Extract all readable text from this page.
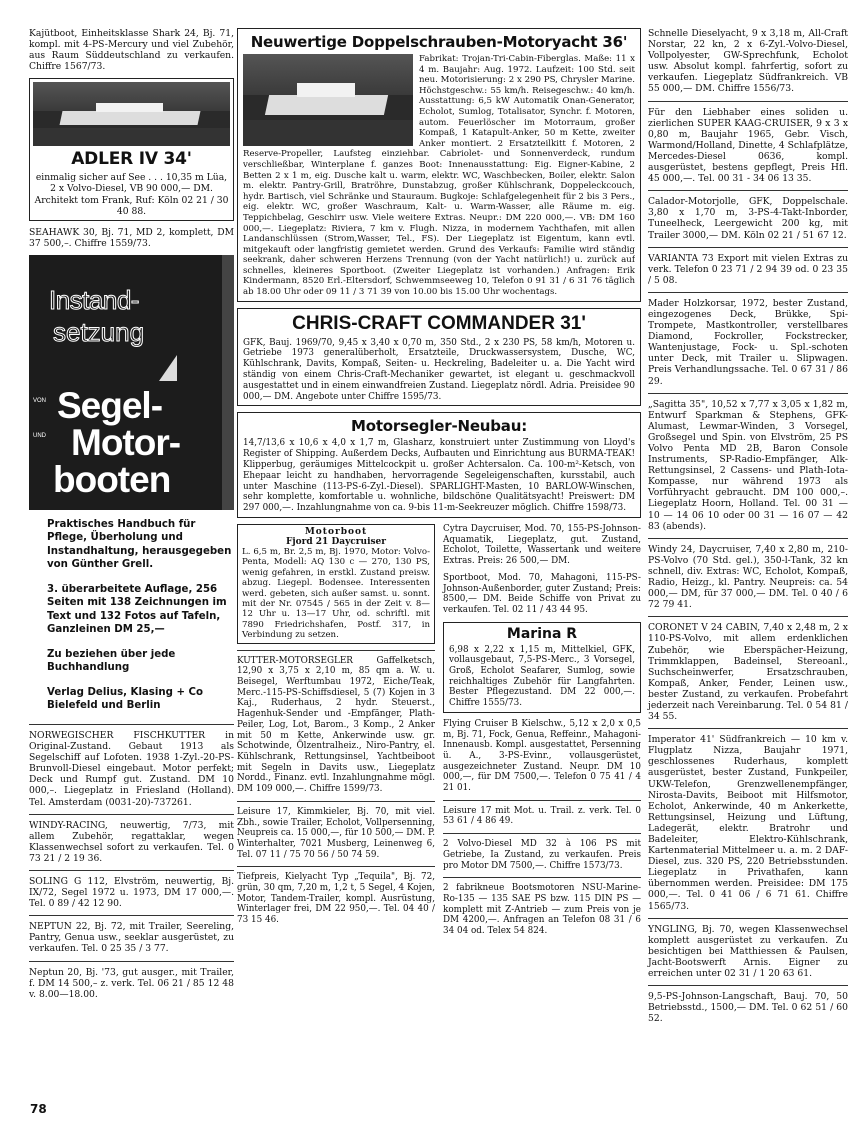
78
Kajütboot, Einheitsklasse Shark 24, Bj. 71, kompl. mit 4-PS-Mercury und viel Zubehör, aus Raum Süddeutschland zu verkaufen. Chiffre 1567/73.
ADLER IV 34'
einmalig sicher auf See . . . 10,35 m Lüa, 2 x Volvo-Diesel, VB 90 000,— DM. Architekt tom Frank, Ruf: Köln 02 21 / 30 40 88.
SEAHAWK 30, Bj. 71, MD 2, komplett, DM 37 500,–. Chiffre 1559/73.
Instand-
setzung
VON
UND
Segel-
Motor-
booten

Praktisches Handbuch für Pflege, Überholung und Instandhaltung, herausgegeben von Günther Grell.

3. überarbeitete Auflage, 256 Seiten mit 138 Zeichnungen im Text und 132 Fotos auf Tafeln, Ganzleinen DM 25,—

Zu beziehen über jede Buchhandlung

Verlag Delius, Klasing + Co Bielefeld und Berlin

NORWEGISCHER FISCHKUTTER in Original-Zustand. Gebaut 1913 als Segelschiff auf Lofoten. 1938 1-Zyl.-20-PS-Brunvoll-Diesel eingebaut. Motor perfekt; Deck und Rumpf gut. Zustand. DM 10 000,–. Liegeplatz in Friesland (Holland). Tel. Amsterdam (0031-20)-737261.
WINDY-RACING, neuwertig, 7/73, mit allem Zubehör, regattaklar, wegen Klassenwechsel sofort zu verkaufen. Tel. 0 73 21 / 2 19 36.
SOLING G 112, Elvström, neuwertig, Bj. IX/72, Segel 1972 u. 1973, DM 17 000,—. Tel. 0 89 / 42 12 90.
NEPTUN 22, Bj. 72, mit Trailer, Seereling, Pantry, Genua usw., seeklar ausgerüstet, zu verkaufen. Tel. 0 25 35 / 3 77.
Neptun 20, Bj. '73, gut ausger., mit Trailer, f. DM 14 500,– z. verk. Tel. 06 21 / 85 12 48 v. 8.00—18.00.
Neuwertige Doppelschrauben-Motoryacht 36'
Fabrikat: Trojan-Tri-Cabin-Fiberglas. Maße: 11 x 4 m. Baujahr: Aug. 1972. Laufzeit: 100 Std. seit neu. Motorisierung: 2 x 290 PS, Chrysler Marine. Höchstgeschw.: 55 km/h. Reisegeschw.: 40 km/h. Ausstattung: 6,5 kW Automatik Onan-Generator, Echolot, Sumlog, Totalisator, Synchr. f. Motoren, autom. Feuerlöscher im Motorraum, großer Kompaß, 1 Katapult-Anker, 50 m Kette, zweiter Anker montiert. 2 Ersatzteilkitt f. Motoren, 2 Reserve-Propeller, Laufsteg einziehbar. Cabriolet- und Sonnenverdeck, rundum verschließbar, Winterplane f. ganzes Boot: Innenausstattung: Eig. Eigner-Kabine, 2 Betten 2 x 1 m, eig. Dusche kalt u. warm, elektr. WC, Waschbecken, Boiler, elektr. Salon m. elektr. Pantry-Grill, Bratröhre, Dunstabzug, großer Kühlschrank, Doppeleckcouch, hydr. Bartisch, viel Schränke und Stauraum. Bugkoje: Schlafgelegenheit für 2 bis 3 Pers., eig. elektr. WC, großer Waschraum, Kalt- u. Warm-Wasser, alle Räume m. eig. Teppichbelag, Geschirr usw. Viele weitere Extras. Neupr.: DM 220 000,—. VB: DM 160 000,—. Liegeplatz: Riviera, 7 km v. Flugh. Nizza, in modernem Yachthafen, mit allen Landanschlüssen (Strom,Wasser, Tel., FS). Der Liegeplatz ist Eigentum, kann evtl. mitgekauft oder langfristig gemietet werden. Grund des Verkaufs: Familie wird ständig seekrank, daher schweren Herzens Trennung (von der Yacht natürlich!) u. zurück auf schnelles, kleineres Sportboot. (Zweiter Liegeplatz ist vorhanden.) Anfragen: Erik Kindermann, 8520 Erl.-Eltersdorf, Schwemmseeweg 10, Telefon 0 91 31 / 6 31 76 täglich ab 18.00 Uhr oder 09 11 / 3 71 39 von 10.00 bis 15.00 Uhr wochentags.
CHRIS-CRAFT COMMANDER 31'
GFK, Bauj. 1969/70, 9,45 x 3,40 x 0,70 m, 350 Std., 2 x 230 PS, 58 km/h, Motoren u. Getriebe 1973 generalüberholt, Ersatzteile, Druckwassersystem, Dusche, WC, Kühlschrank, Davits, Kompaß, Seiten- u. Heckreling, Badeleiter u. a. Die Yacht wird ständig von einem Chris-Craft-Mechaniker gewartet, ist elegant u. geschmackvoll ausgestattet und in einem einwandfreien Zustand. Liegeplatz nördl. Adria. Preisidee 90 000,— DM. Angebote unter Chiffre 1595/73.
Motorsegler-Neubau:
14,7/13,6 x 10,6 x 4,0 x 1,7 m, Glasharz, konstruiert unter Zustimmung von Lloyd's Register of Shipping. Außerdem Decks, Aufbauten und Einrichtung aus BURMA-TEAK! Klipperbug, geräumiges Mittelcockpit u. großer Achtersalon. Ca. 100-m²-Ketsch, von Ehepaar leicht zu handhaben, hervorragende Segeleigenschaften, kursstabil, auch unter Maschine (113-PS-6-Zyl.-Diesel). SPARLIGHT-Masten, 10 BARLOW-Winschen, sehr komplette, komfortable u. wohnliche, bildschöne Qualitätsyacht! Preiswert: DM 297 000,—. Inzahlungnahme von ca. 9-bis 11-m-Seekreuzer möglich. Chiffre 1598/73.
Motorboot
Fjord 21 Daycruiser
L. 6,5 m, Br. 2,5 m, Bj. 1970, Motor: Volvo-Penta, Modell: AQ 130 c — 270, 130 PS, wenig gefahren, in erstkl. Zustand preisw. abzug. Liegepl. Bodensee. Interessenten werd. gebeten, sich außer samst. u. sonnt. mit der Nr. 07545 / 565 in der Zeit v. 8—12 Uhr u. 13—17 Uhr, od. schriftl. mit 7890 Friedrichshafen, Postf. 317, in Verbindung zu setzen.
KUTTER-MOTORSEGLER Gaffelketsch, 12,90 x 3,75 x 2,10 m, 85 qm a. W. u. Beisegel, Werftumbau 1972, Eiche/Teak, Merc.-115-PS-Schiffsdiesel, 5 (7) Kojen in 3 Kaj., Ruderhaus, 2 hydr. Steuerst., Hagenhuk-Sender und -Empfänger, Plath-Peiler, Log, Lot, Barom., 3 Komp., 2 Anker mit 50 m Kette, Ankerwinde usw. gr. Schotwinde, Ölzentralheiz., Niro-Pantry, el. Kühlschrank, Rettungsinsel, Yachtbeiboot mit Segeln in Davits usw., Liegeplatz Nordd., Finanz. evtl. Inzahlungnahme mögl. DM 109 000,—. Chiffre 1599/73.
Leisure 17, Kimmkieler, Bj. 70, mit viel. Zbh., sowie Trailer, Echolot, Vollpersenning, Neupreis ca. 15 000,—, für 10 500,— DM. P. Winterhalter, 7021 Musberg, Leinenweg 6, Tel. 07 11 / 75 70 56 / 50 74 59.
Tiefpreis, Kielyacht Typ „Tequila", Bj. 72, grün, 30 qm, 7,20 m, 1,2 t, 5 Segel, 4 Kojen, Motor, Tandem-Trailer, kompl. Ausrüstung, Winterlager frei, DM 22 950,—. Tel. 04 40 / 73 15 46.
Cytra Daycruiser, Mod. 70, 155-PS-Johnson-Aquamatik, Liegeplatz, gut. Zustand, Echolot, Toilette, Wassertank und weitere Extras. Preis: 26 500,— DM.
Sportboot, Mod. 70, Mahagoni, 115-PS-Johnson-Außenborder, guter Zustand; Preis: 8500,— DM. Beide Schiffe von Privat zu verkaufen. Tel. 02 11 / 43 44 95.
Marina R
6,98 x 2,22 x 1,15 m, Mittelkiel, GFK, vollausgebaut, 7,5-PS-Merc., 3 Vorsegel, Groß, Echolot Seafarer, Sumlog, sowie reichhaltiges Zubehör für Langfahrten. Bester Pflegezustand. DM 22 000,—. Chiffre 1555/73.
Flying Cruiser B Kielschw., 5,12 x 2,0 x 0,5 m, Bj. 71, Fock, Genua, Reffeinr., Mahagoni-Innenausb. Kompl. ausgestattet, Persenning ü. A., 3-PS-Evinr., vollausgerüstet, ausgezeichneter Zustand. Neupr. DM 10 000,—, für DM 7500,—. Telefon 0 75 41 / 4 21 01.
Leisure 17 mit Mot. u. Trail. z. verk. Tel. 0 53 61 / 4 86 49.
2 Volvo-Diesel MD 32 à 106 PS mit Getriebe, Ia Zustand, zu verkaufen. Preis pro Motor DM 7500,—. Chiffre 1573/73.
2 fabrikneue Bootsmotoren NSU-Marine-Ro-135 — 135 SAE PS bzw. 115 DIN PS — komplett mit Z-Antrieb — zum Preis von je DM 4200,—. Anfragen an Telefon 08 31 / 6 34 04 od. Telex 54 824.
Schnelle Dieselyacht, 9 x 3,18 m, All-Craft Norstar, 22 kn, 2 x 6-Zyl.-Volvo-Diesel, Vollpolyester, GW-Sprechfunk, Echolot usw. Absolut kompl. fahrfertig, sofort zu verkaufen. Liegeplatz Südfrankreich. VB 55 000,— DM. Chiffre 1556/73.
Für den Liebhaber eines soliden u. zierlichen SUPER KAAG-CRUISER, 9 x 3 x 0,80 m, Baujahr 1965, Gebr. Visch, Warmond/Holland, Dinette, 4 Schlafplätze, Mercedes-Diesel 0636, kompl. ausgerüstet, bestens gepflegt, Preis Hfl. 45 000,—. Tel. 00 31 - 34 06 13 35.
Calador-Motorjolle, GFK, Doppelschale. 3,80 x 1,70 m, 3-PS-4-Takt-Inborder, Tuneelheck, Leergewicht 200 kg, mit Trailer 3000,— DM. Köln 02 21 / 51 67 12.
VARIANTA 73 Export mit vielen Extras zu verk. Telefon 0 23 71 / 2 94 39 od. 0 23 35 / 5 08.
Mader Holzkorsar, 1972, bester Zustand, eingezogenes Deck, Brükke, Spi-Trompete, Mastkontroller, verstellbares Diamond, Fockroller, Fockstrecker, Wantenjustage, Fock- u. Spl.-schoten unter Deck, mit Trailer u. Slipwagen. Preis Verhandlungssache. Tel. 0 67 31 / 86 29.
„Sagitta 35", 10,52 x 7,77 x 3,05 x 1,82 m, Entwurf Sparkman & Stephens, GFK-Alumast, Lewmar-Winden, 3 Vorsegel, Großsegel und Spin. von Elvström, 25 PS Volvo Penta MD 2B, Baron Console Instruments, SP-Radio-Empfänger, Alk-Rettungsinsel, 2 Cassens- und Plath-Iota-Kompasse, nur während 1973 als Vorführyacht gebraucht. DM 100 000,–. Liegeplatz Hoorn, Holland. Tel. 00 31 — 10 — 14 06 10 oder 00 31 — 16 07 — 42 83 (abends).
Windy 24, Daycruiser, 7,40 x 2,80 m, 210-PS-Volvo (70 Std. gel.), 350-l-Tank, 32 kn schnell, div. Extras: WC, Echolot, Kompaß, Radio, Heizg., kl. Pantry. Neupreis: ca. 54 000,— DM, für 37 000,— DM. Tel. 0 40 / 6 72 79 41.
CORONET V 24 CABIN, 7,40 x 2,48 m, 2 x 110-PS-Volvo, mit allem erdenklichen Zubehör, wie Eberspächer-Heizung, Trimmklappen, Badeinsel, Stereoanl., Suchscheinwerfer, Ersatzschrauben, Kompaß, Anker, Fender, Leinen usw., bester Zustand, zu verkaufen. Probefahrt jederzeit nach Vereinbarung. Tel. 0 54 81 / 34 55.
Imperator 41' Südfrankreich — 10 km v. Flugplatz Nizza, Baujahr 1971, geschlossenes Ruderhaus, komplett ausgerüstet, bester Zustand, Funkpeiler, UKW-Telefon, Grenzwellenempfänger, Nirosta-Davits, Beiboot mit Hilfsmotor, Echolot, Ankerwinde, 40 m Ankerkette, Rettungsinsel, Heizung und Lüftung, Ladegerät, elektr. Bratrohr und Badeleiter, Elektro-Kühlschrank, Kartenmaterial Mittelmeer u. a. m. 2 DAF-Diesel, zus. 320 PS, 220 Betriebsstunden. Liegeplatz in Privathafen, kann übernommen werden. Preisidee: DM 175 000,—. Tel. 0 41 06 / 6 71 61. Chiffre 1565/73.
YNGLING, Bj. 70, wegen Klassenwechsel komplett ausgerüstet zu verkaufen. Zu besichtigen bei Matthiessen & Paulsen, Jacht-Bootswerft Arnis. Eigner zu erreichen unter 02 31 / 1 20 63 61.
9,5-PS-Johnson-Langschaft, Bauj. 70, 50 Betriebsstd., 1500,— DM. Tel. 0 62 51 / 60 52.
